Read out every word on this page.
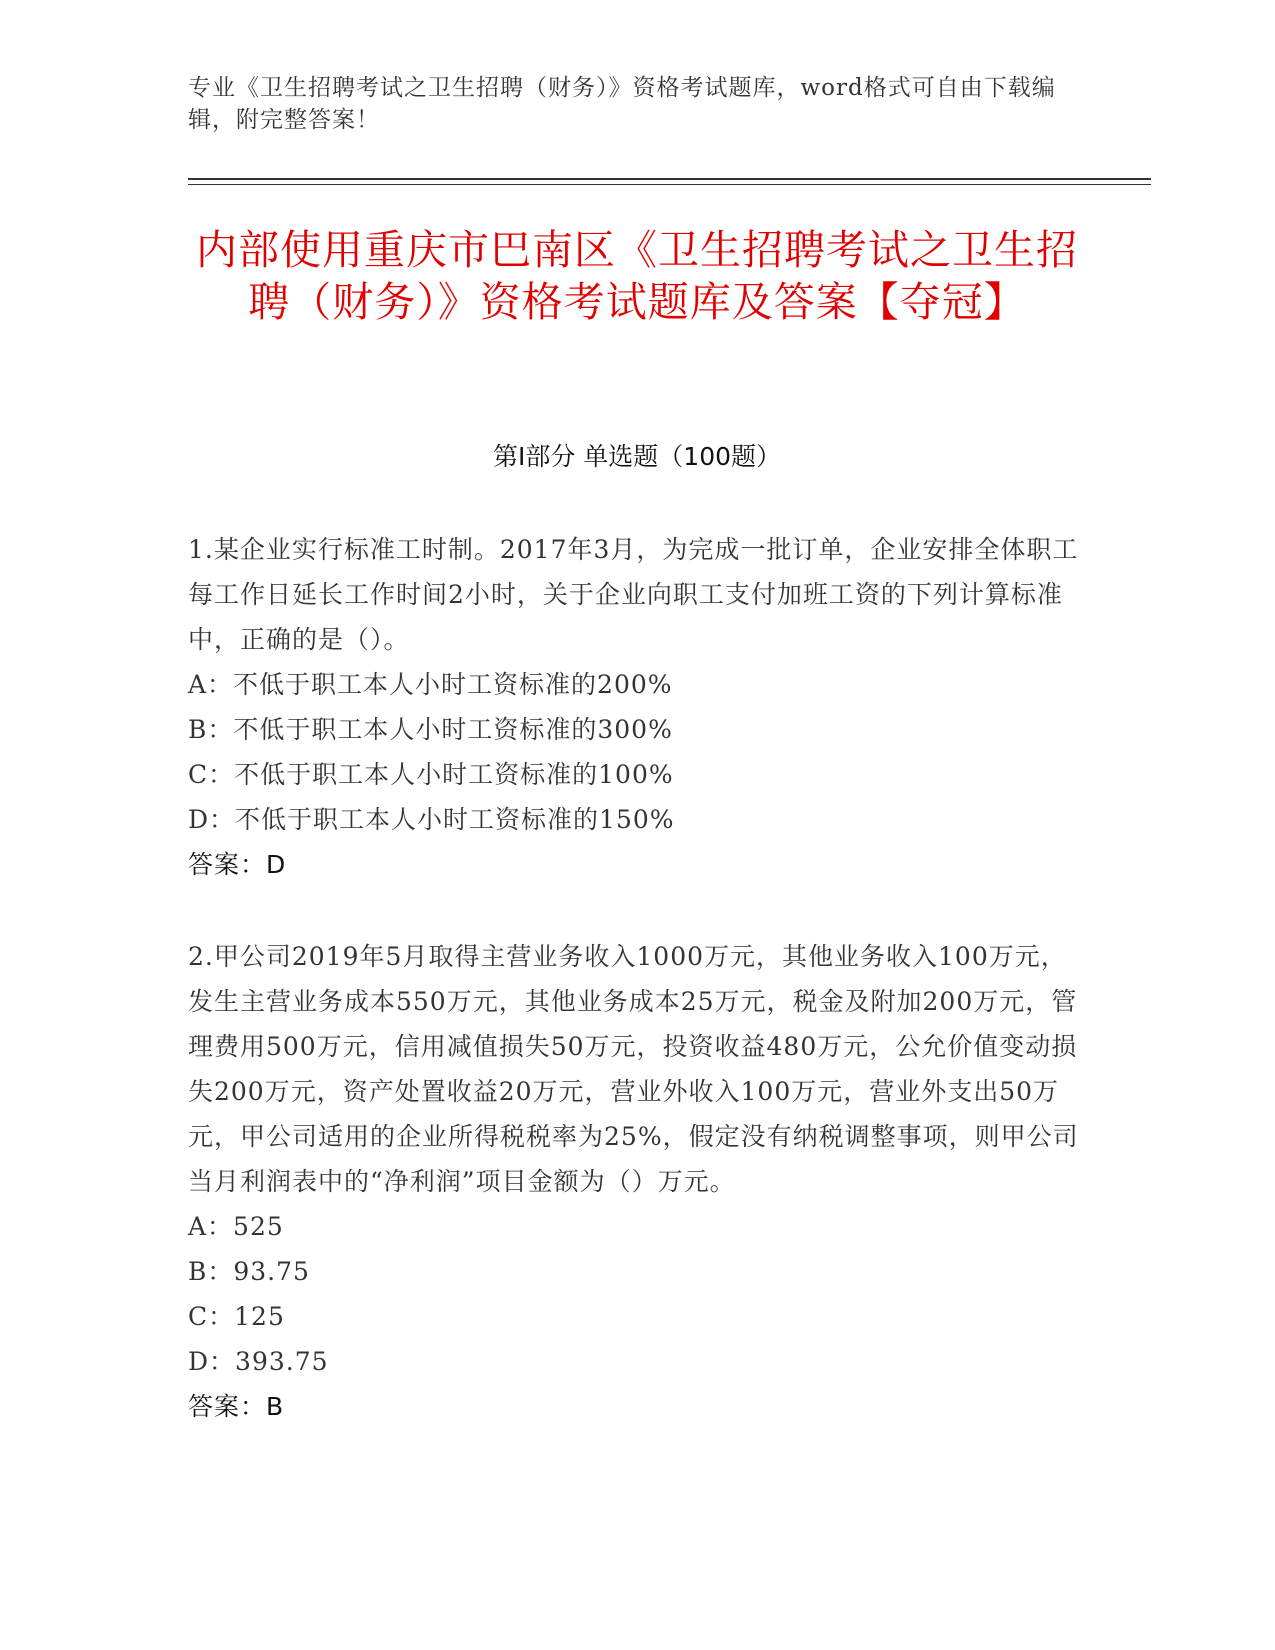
专业《卫生招聘考试之卫生招聘（财务）》资格考试题库，word格式可自由下载编辑，附完整答案！
内部使用重庆市巴南区《卫生招聘考试之卫生招聘（财务）》资格考试题库及答案【夺冠】
第I部分 单选题（100题）

1.某企业实行标准工时制。2017年3月，为完成一批订单，企业安排全体职工每工作日延长工作时间2小时，关于企业向职工支付加班工资的下列计算标准中，正确的是（）。

A：不低于职工本人小时工资标准的200%

B：不低于职工本人小时工资标准的300%

C：不低于职工本人小时工资标准的100%

D：不低于职工本人小时工资标准的150%

答案：D

2.甲公司2019年5月取得主营业务收入1000万元，其他业务收入100万元，发生主营业务成本550万元，其他业务成本25万元，税金及附加200万元，管理费用500万元，信用减值损失50万元，投资收益480万元，公允价值变动损失200万元，资产处置收益20万元，营业外收入100万元，营业外支出50万元，甲公司适用的企业所得税税率为25%，假定没有纳税调整事项，则甲公司当月利润表中的“净利润”项目金额为（）万元。

A：525

B：93.75

C：125

D：393.75

答案：B
